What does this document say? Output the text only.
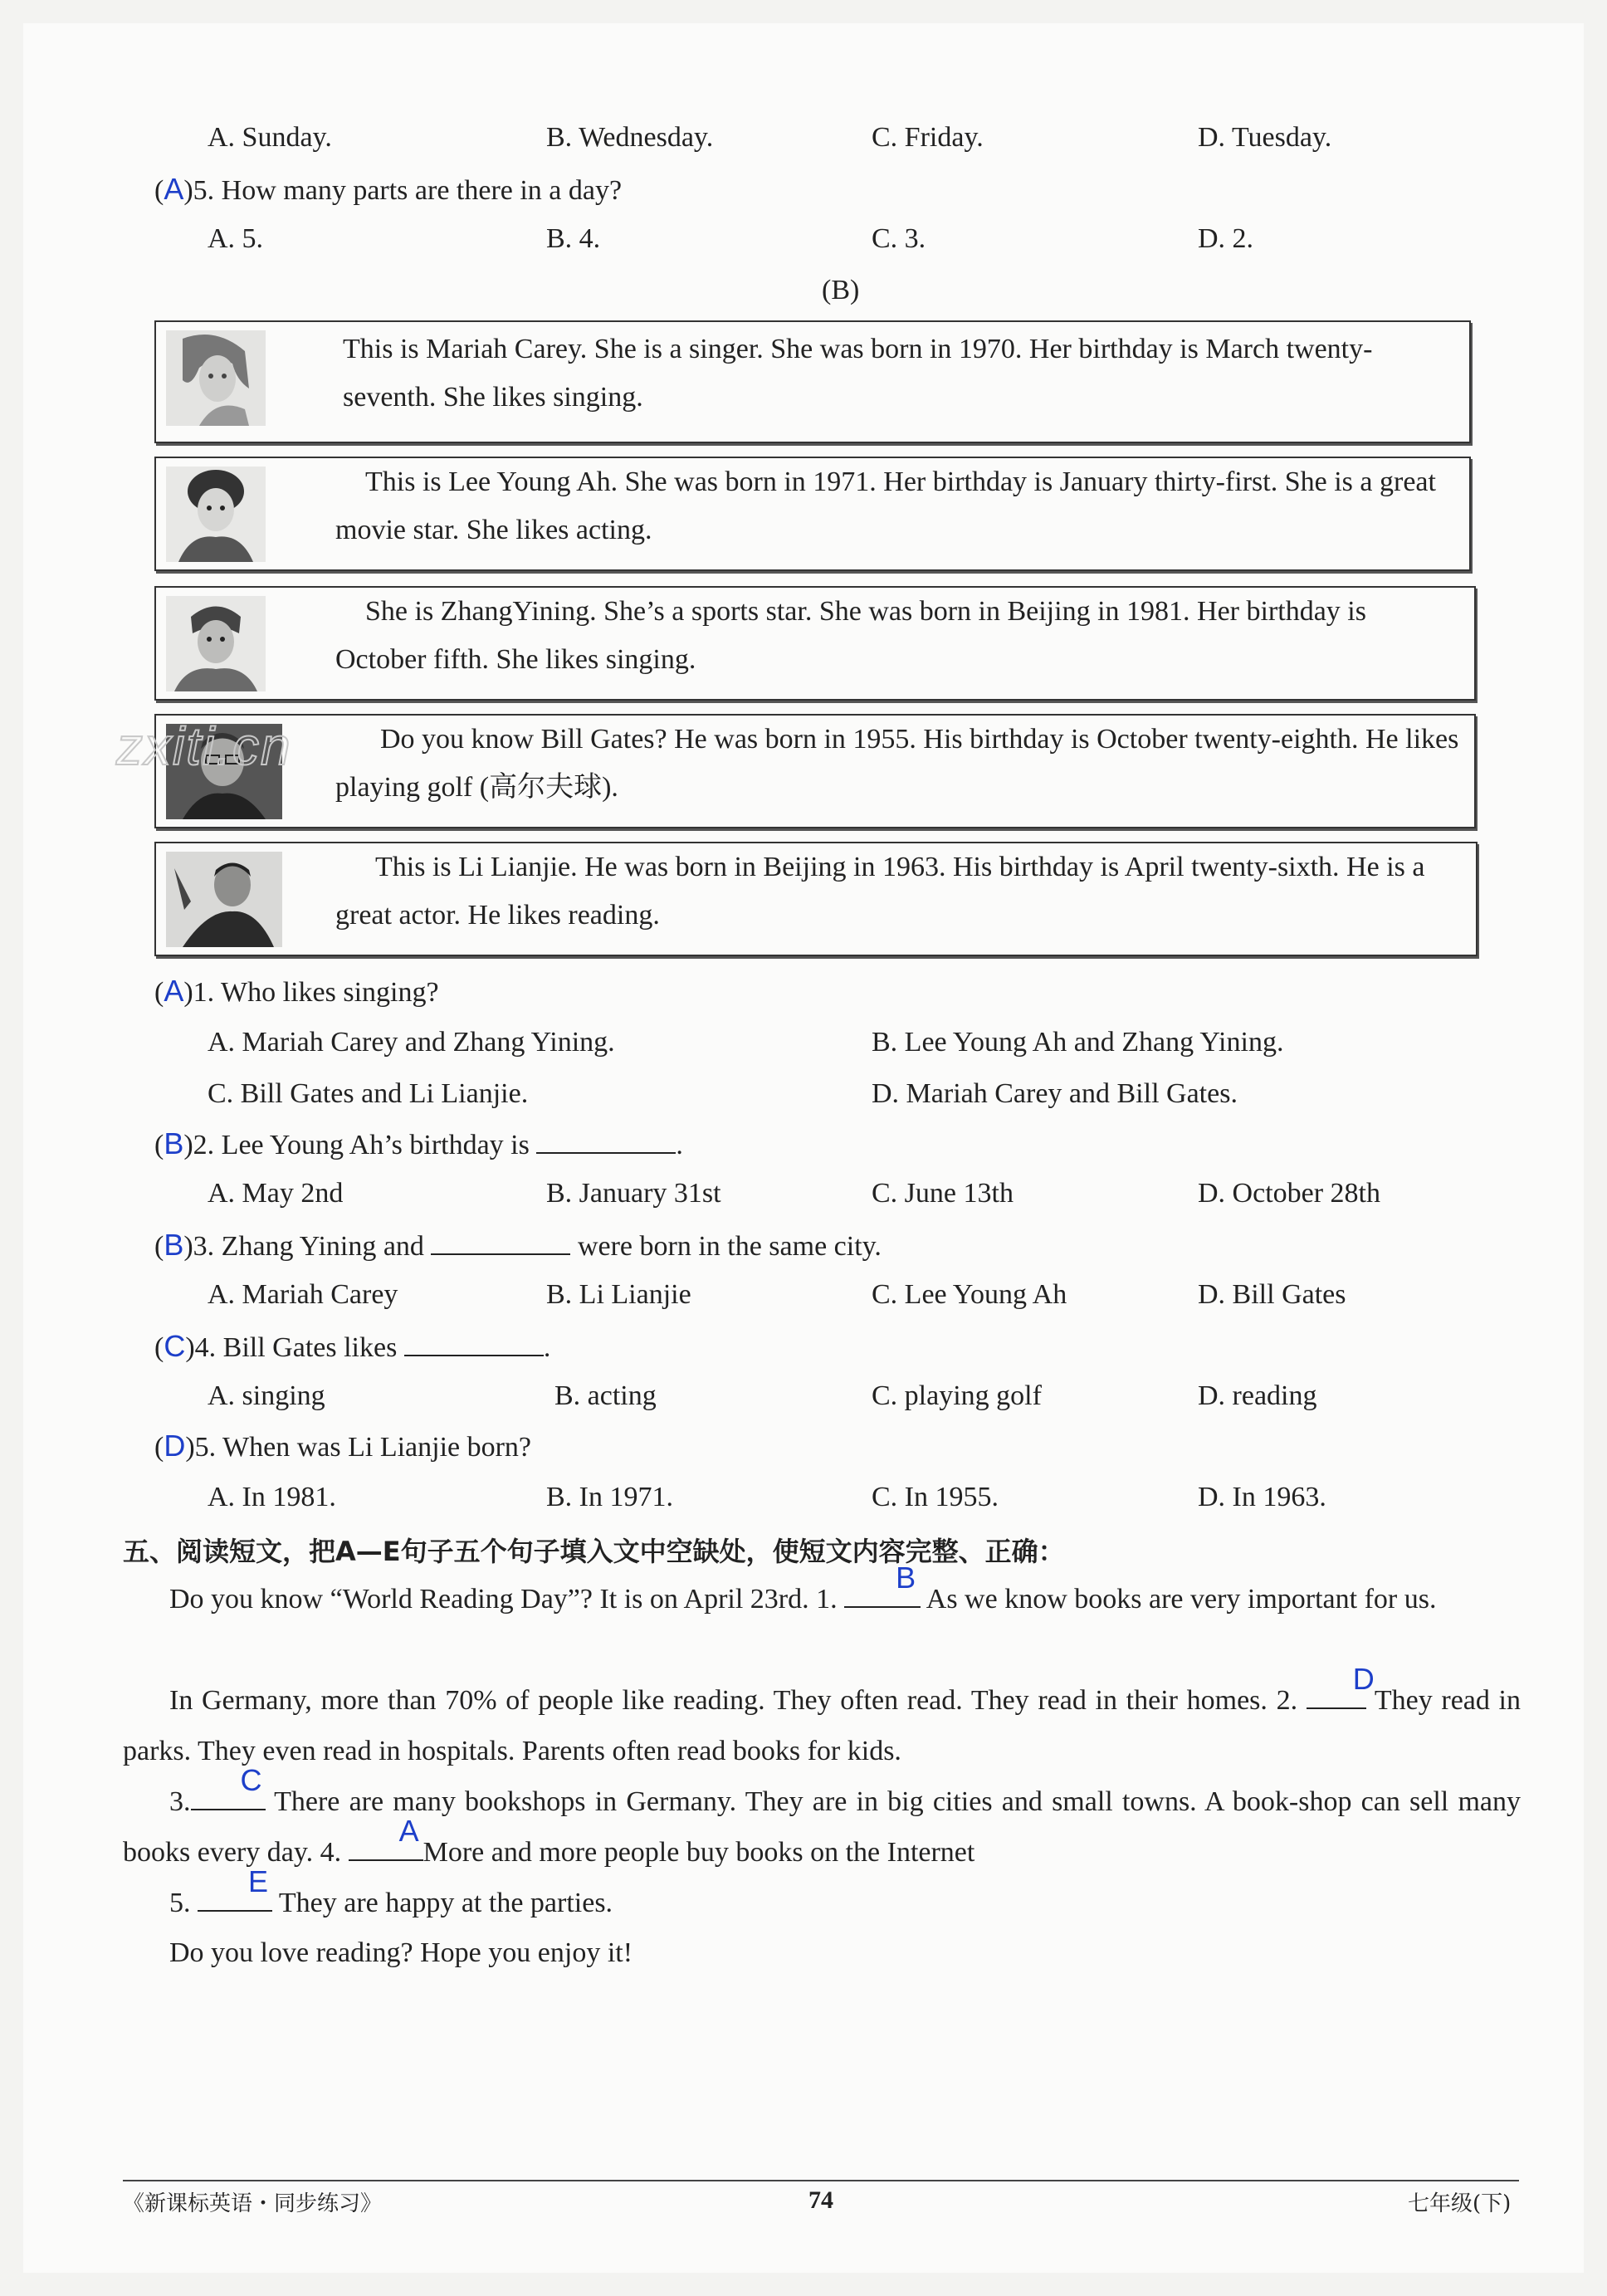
A. Sunday.	B. Wednesday.	C. Friday.	D. Tuesday.
(A)5. How many parts are there in a day?
A. 5.	B. 4.	C. 3.	D. 2.
(B)
This is Mariah Carey. She is a singer. She was born in 1970. Her birthday is March twenty-seventh. She likes singing.
This is Lee Young Ah. She was born in 1971. Her birthday is January thirty-first. She is a great movie star. She likes acting.
She is ZhangYining. She’s a sports star. She was born in Beijing in 1981. Her birthday is October fifth. She likes singing.
Do you know Bill Gates? He was born in 1955. His birthday is October twenty-eighth. He likes playing golf (高尔夫球).
zxiti.cn
This is Li Lianjie. He was born in Beijing in 1963. His birthday is April twenty-sixth. He is a great actor. He likes reading.
(A)1. Who likes singing?
A. Mariah Carey and Zhang Yining.	B. Lee Young Ah and Zhang Yining.
C. Bill Gates and Li Lianjie.	D. Mariah Carey and Bill Gates.
(B)2. Lee Young Ah’s birthday is	.
A. May 2nd	B. January 31st	C. June 13th	D. October 28th
(B)3. Zhang Yining and	were born in the same city.
A. Mariah Carey	B. Li Lianjie	C. Lee Young Ah	D. Bill Gates
(C)4. Bill Gates likes	.
A. singing	B. acting	C. playing golf	D. reading
(D)5. When was Li Lianjie born?
A. In 1981.	B. In 1971.	C. In 1955.	D. In 1963.
五、阅读短文，把A—E句子五个句子填入文中空缺处，使短文内容完整、正确：
Do you know “World Reading Day”? It is on April 23rd. 1.
B
As we know books are very important for us.
In Germany, more than 70% of people like reading. They often read. They read in their homes. 2.
D
They read in parks. They even read in hospitals. Parents often read books for kids.
3.
C
There are many bookshops in Germany. They are in big cities and small towns. A book-shop can sell many books every day. 4.
A
More and more people buy books on the Internet
5.
E
They are happy at the parties.
Do you love reading? Hope you enjoy it!
《新课标英语・同步练习》	74	七年级(下)
